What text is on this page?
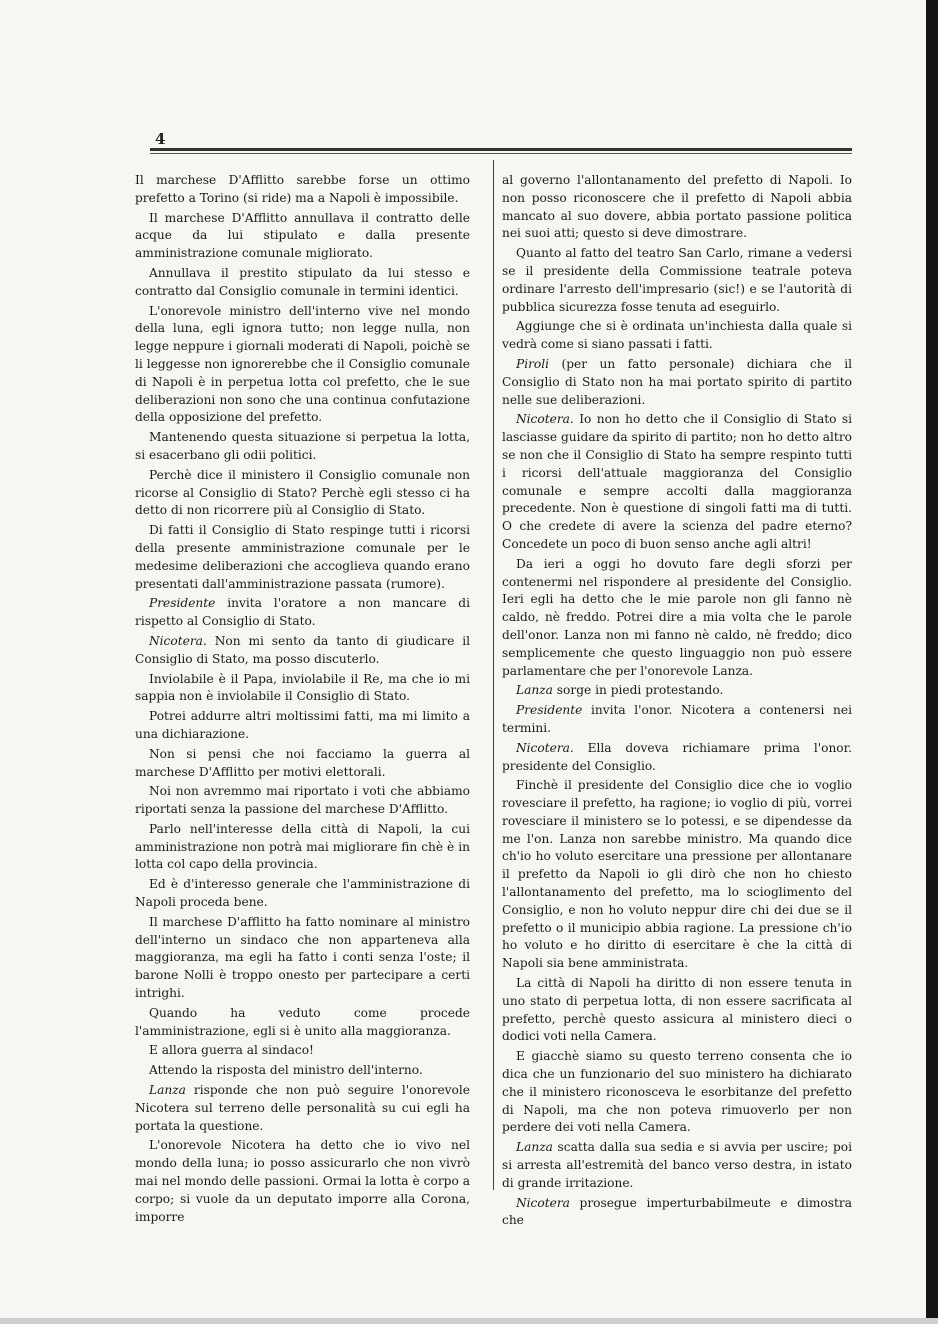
4

Il marchese D'Afflitto sarebbe forse un ottimo prefetto a Torino (si ride) ma a Napoli è impossibile.

Il marchese D'Afflitto annullava il contratto delle acque da lui stipulato e dalla presente amministrazione comunale migliorato.

Annullava il prestito stipulato da lui stesso e contratto dal Consiglio comunale in termini identici.

L'onorevole ministro dell'interno vive nel mondo della luna, egli ignora tutto; non legge nulla, non legge neppure i giornali moderati di Napoli, poichè se li leggesse non ignorerebbe che il Consiglio comunale di Napoli è in perpetua lotta col prefetto, che le sue deliberazioni non sono che una continua confutazione della opposizione del prefetto.

Mantenendo questa situazione si perpetua la lotta, si esacerbano gli odii politici.

Perchè dice il ministero il Consiglio comunale non ricorse al Consiglio di Stato? Perchè egli stesso ci ha detto di non ricorrere più al Consiglio di Stato.

Di fatti il Consiglio di Stato respinge tutti i ricorsi della presente amministrazione comunale per le medesime deliberazioni che accoglieva quando erano presentati dall'amministrazione passata (rumore).

Presidente invita l'oratore a non mancare di rispetto al Consiglio di Stato.

Nicotera. Non mi sento da tanto di giudicare il Consiglio di Stato, ma posso discuterlo.

Inviolabile è il Papa, inviolabile il Re, ma che io mi sappia non è inviolabile il Consiglio di Stato.

Potrei addurre altri moltissimi fatti, ma mi limito a una dichiarazione.

Non si pensi che noi facciamo la guerra al marchese D'Afflitto per motivi elettorali.

Noi non avremmo mai riportato i voti che abbiamo riportati senza la passione del marchese D'Afflitto.

Parlo nell'interesse della città di Napoli, la cui amministrazione non potrà mai migliorare fin chè è in lotta col capo della provincia.

Ed è d'interesso generale che l'amministrazione di Napoli proceda bene.

Il marchese D'afflitto ha fatto nominare al ministro dell'interno un sindaco che non apparteneva alla maggioranza, ma egli ha fatto i conti senza l'oste; il barone Nolli è troppo onesto per partecipare a certi intrighi.

Quando ha veduto come procede l'amministrazione, egli si è unito alla maggioranza.

E allora guerra al sindaco!

Attendo la risposta del ministro dell'interno.

Lanza risponde che non può seguire l'onorevole Nicotera sul terreno delle personalità su cui egli ha portata la questione.

L'onorevole Nicotera ha detto che io vivo nel mondo della luna; io posso assicurarlo che non vivrò mai nel mondo delle passioni. Ormai la lotta è corpo a corpo; si vuole da un deputato imporre alla Corona, imporre

al governo l'allontanamento del prefetto di Napoli. Io non posso riconoscere che il prefetto di Napoli abbia mancato al suo dovere, abbia portato passione politica nei suoi atti; questo si deve dimostrare.

Quanto al fatto del teatro San Carlo, rimane a vedersi se il presidente della Commissione teatrale poteva ordinare l'arresto dell'impresario (sic!) e se l'autorità di pubblica sicurezza fosse tenuta ad eseguirlo.

Aggiunge che si è ordinata un'inchiesta dalla quale si vedrà come si siano passati i fatti.

Piroli (per un fatto personale) dichiara che il Consiglio di Stato non ha mai portato spirito di partito nelle sue deliberazioni.

Nicotera. Io non ho detto che il Consiglio di Stato si lasciasse guidare da spirito di partito; non ho detto altro se non che il Consiglio di Stato ha sempre respinto tutti i ricorsi dell'attuale maggioranza del Consiglio comunale e sempre accolti dalla maggioranza precedente. Non è questione di singoli fatti ma di tutti. O che credete di avere la scienza del padre eterno? Concedete un poco di buon senso anche agli altri!

Da ieri a oggi ho dovuto fare degli sforzi per contenermi nel rispondere al presidente del Consiglio. Ieri egli ha detto che le mie parole non gli fanno nè caldo, nè freddo. Potrei dire a mia volta che le parole dell'onor. Lanza non mi fanno nè caldo, nè freddo; dico semplicemente che questo linguaggio non può essere parlamentare che per l'onorevole Lanza.

Lanza sorge in piedi protestando.

Presidente invita l'onor. Nicotera a contenersi nei termini.

Nicotera. Ella doveva richiamare prima l'onor. presidente del Consiglio.

Finchè il presidente del Consiglio dice che io voglio rovesciare il prefetto, ha ragione; io voglio di più, vorrei rovesciare il ministero se lo potessi, e se dipendesse da me l'on. Lanza non sarebbe ministro. Ma quando dice ch'io ho voluto esercitare una pressione per allontanare il prefetto da Napoli io gli dirò che non ho chiesto l'allontanamento del prefetto, ma lo scioglimento del Consiglio, e non ho voluto neppur dire chi dei due se il prefetto o il municipio abbia ragione. La pressione ch'io ho voluto e ho diritto di esercitare è che la città di Napoli sia bene amministrata.

La città di Napoli ha diritto di non essere tenuta in uno stato di perpetua lotta, di non essere sacrificata al prefetto, perchè questo assicura al ministero dieci o dodici voti nella Camera.

E giacchè siamo su questo terreno consenta che io dica che un funzionario del suo ministero ha dichiarato che il ministero riconosceva le esorbitanze del prefetto di Napoli, ma che non poteva rimuoverlo per non perdere dei voti nella Camera.

Lanza scatta dalla sua sedia e si avvia per uscire; poi si arresta all'estremità del banco verso destra, in istato di grande irritazione.

Nicotera prosegue imperturbabilmeute e dimostra che
